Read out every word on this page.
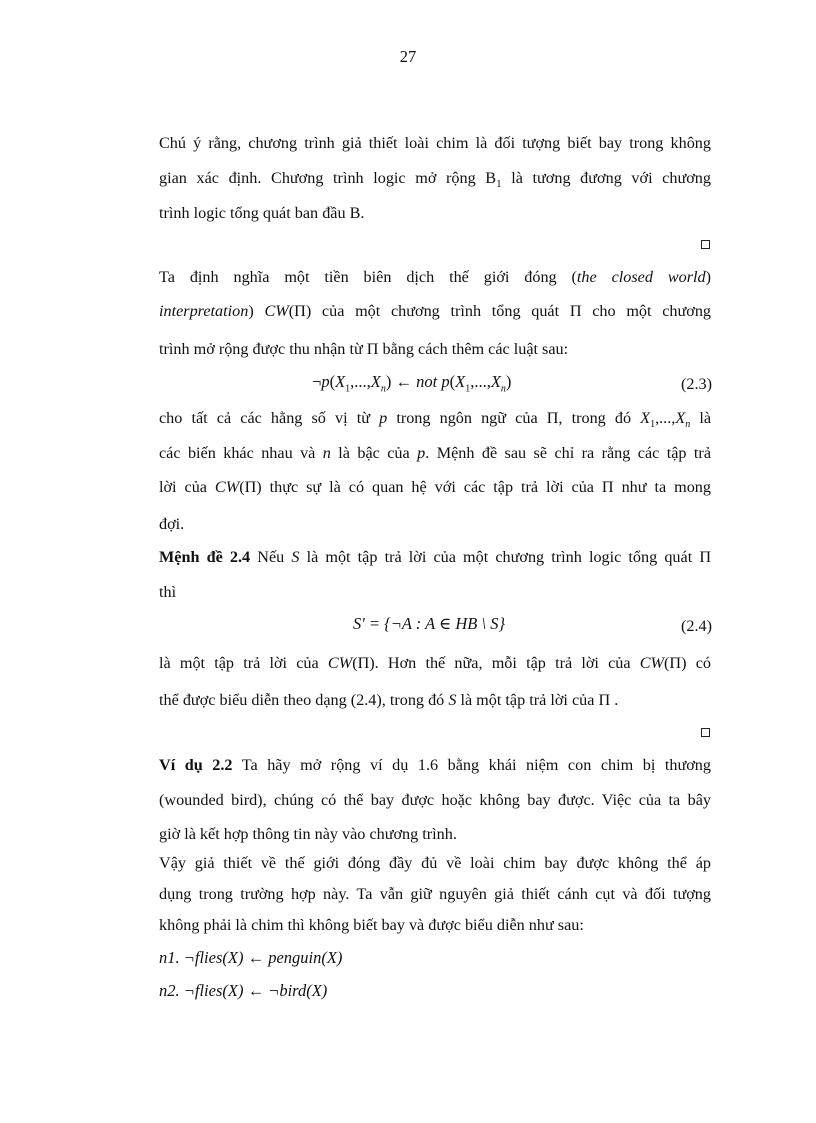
27
Chú ý rằng, chương trình giả thiết loài chim là đối tượng biết bay trong không
gian xác định. Chương trình logic mở rộng $B_1$ là tương đương với chương
trình logic tổng quát ban đầu B.
Ta định nghĩa một tiền biên dịch thế giới đóng (the closed world)
interpretation) CW(Π) của một chương trình tổng quát Π cho một chương
trình mở rộng được thu nhận từ Π bằng cách thêm các luật sau:
$\neg p(X_1,...,X_n)$ ← not $p(X_1,...,X_n)$	(2.3)
cho tất cả các hằng số vị từ p trong ngôn ngữ của Π, trong đó $X_1,...,X_n$ là
các biến khác nhau và n là bậc của p. Mệnh đề sau sẽ chỉ ra rằng các tập trả
lời của CW(Π) thực sự là có quan hệ với các tập trả lời của Π như ta mong
đợi.
Mệnh đề 2.4 Nếu S là một tập trả lời của một chương trình logic tổng quát Π
thì
S' = {¬A : A ∈ HB \ S}	(2.4)
là một tập trả lời của CW(Π). Hơn thế nữa, mỗi tập trả lời của CW(Π) có
thể được biểu diễn theo dạng (2.4), trong đó S là một tập trả lời của Π .
Ví dụ 2.2 Ta hãy mở rộng ví dụ 1.6 bằng khái niệm con chim bị thương
(wounded bird), chúng có thể bay được hoặc không bay được. Việc của ta bây
giờ là kết hợp thông tin này vào chương trình.
Vậy giả thiết về thế giới đóng đầy đủ về loài chim bay được không thể áp
dụng trong trường hợp này. Ta vẫn giữ nguyên giả thiết cánh cụt và đối tượng
không phải là chim thì không biết bay và được biểu diễn như sau:
n1. ¬flies(X) ← penguin(X)
n2. ¬flies(X) ← ¬bird(X)
